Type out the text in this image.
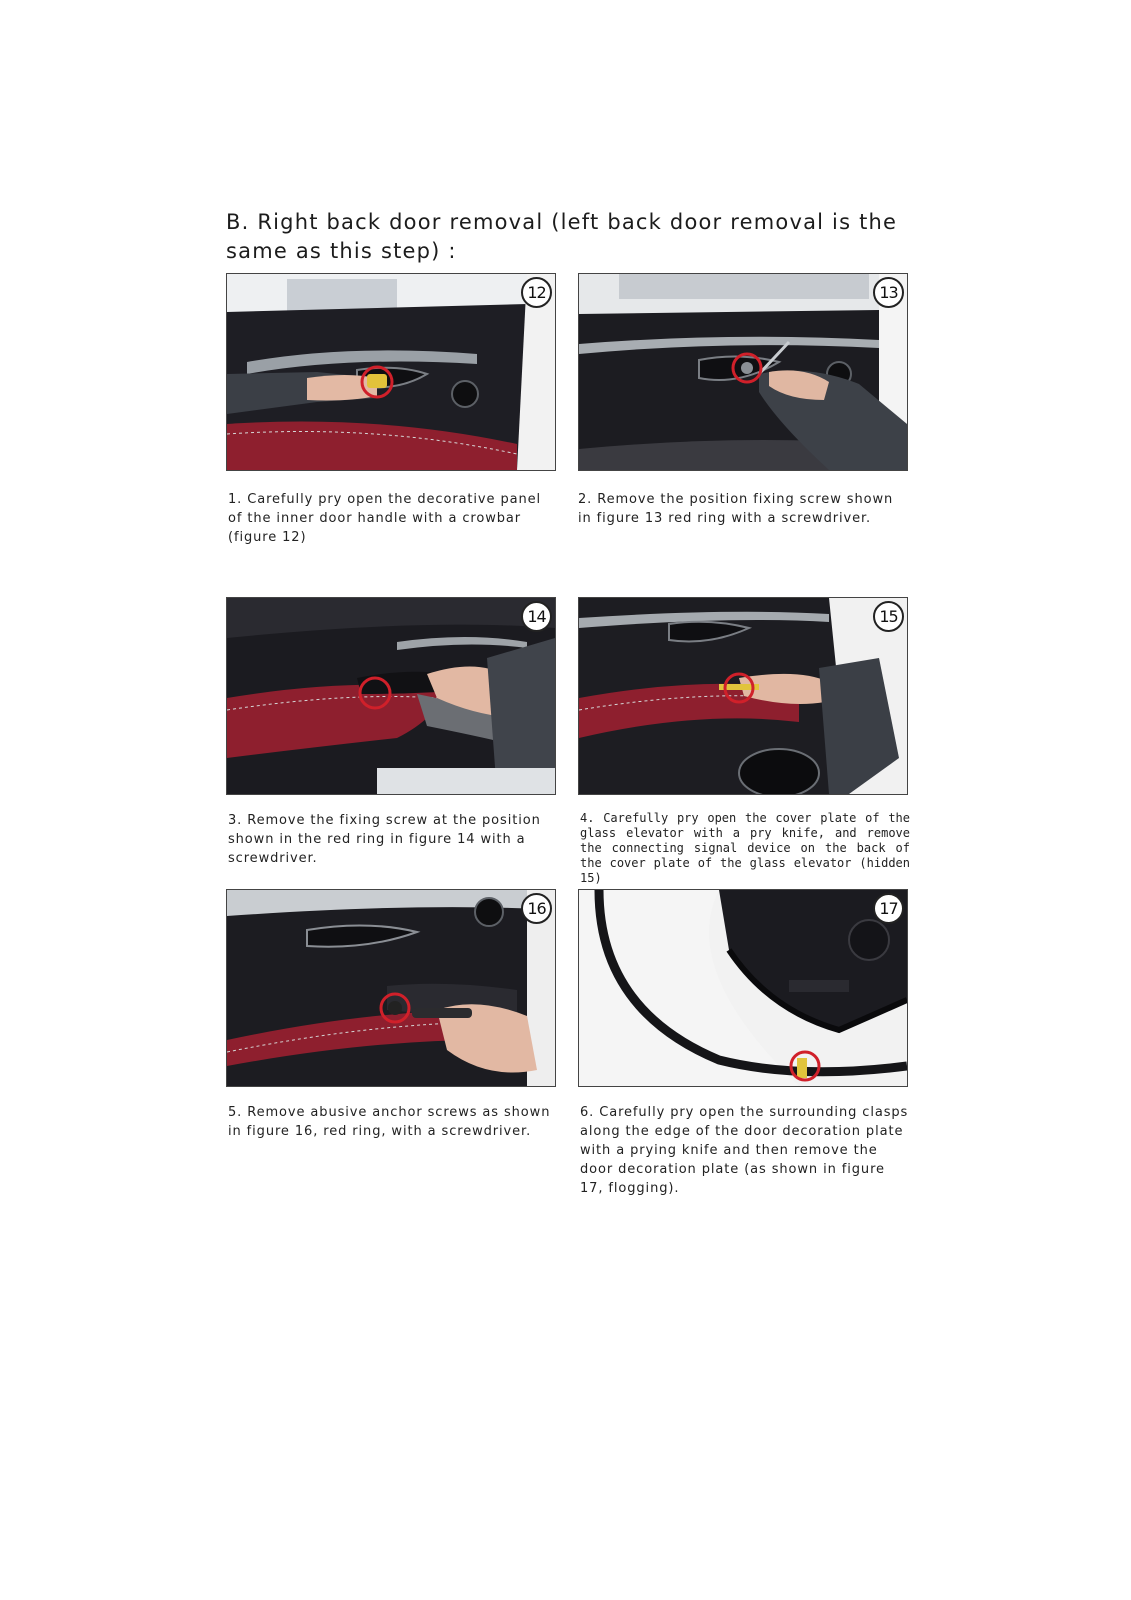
B. Right back door removal (left back door removal is the
same as this step) :
12	13
1. Carefully pry open the decorative panel of the inner door handle with a crowbar (figure 12)
2. Remove the position fixing screw shown in figure 13 red ring with a screwdriver.
14	15
3. Remove the fixing screw at the position shown in the red ring in figure 14 with a screwdriver.
4. Carefully pry open the cover plate of the glass elevator with a pry knife, and remove the connecting signal device on the back of the cover plate of the glass elevator (hidden 15)
16	17
5. Remove abusive anchor screws as shown in figure 16, red ring, with a screwdriver.
6. Carefully pry open the surrounding clasps along the edge of the door decoration plate with a prying knife and then remove the door decoration plate (as shown in figure 17, flogging).
